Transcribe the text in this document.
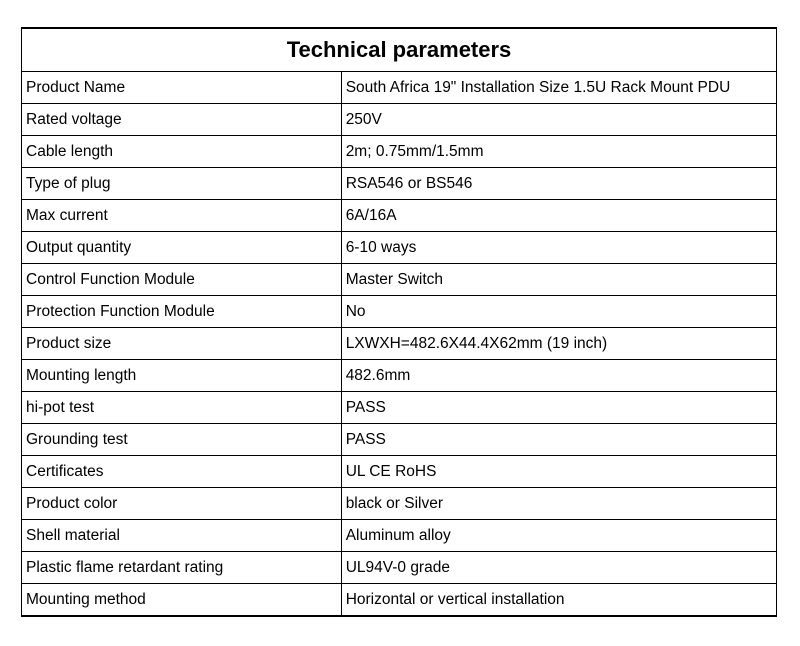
Technical parameters	
Product Name	South Africa 19" Installation Size 1.5U Rack Mount PDU
Rated voltage	250V
Cable length	2m; 0.75mm/1.5mm
Type of plug	RSA546 or BS546
Max current	6A/16A
Output quantity	6-10 ways
Control Function Module	Master Switch
Protection Function Module	No
Product size	LXWXH=482.6X44.4X62mm (19 inch)
Mounting length	482.6mm
hi-pot test	PASS
Grounding test	PASS
Certificates	UL CE RoHS
Product color	black or Silver
Shell material	Aluminum alloy
Plastic flame retardant rating	UL94V-0 grade
Mounting method	Horizontal or vertical installation
